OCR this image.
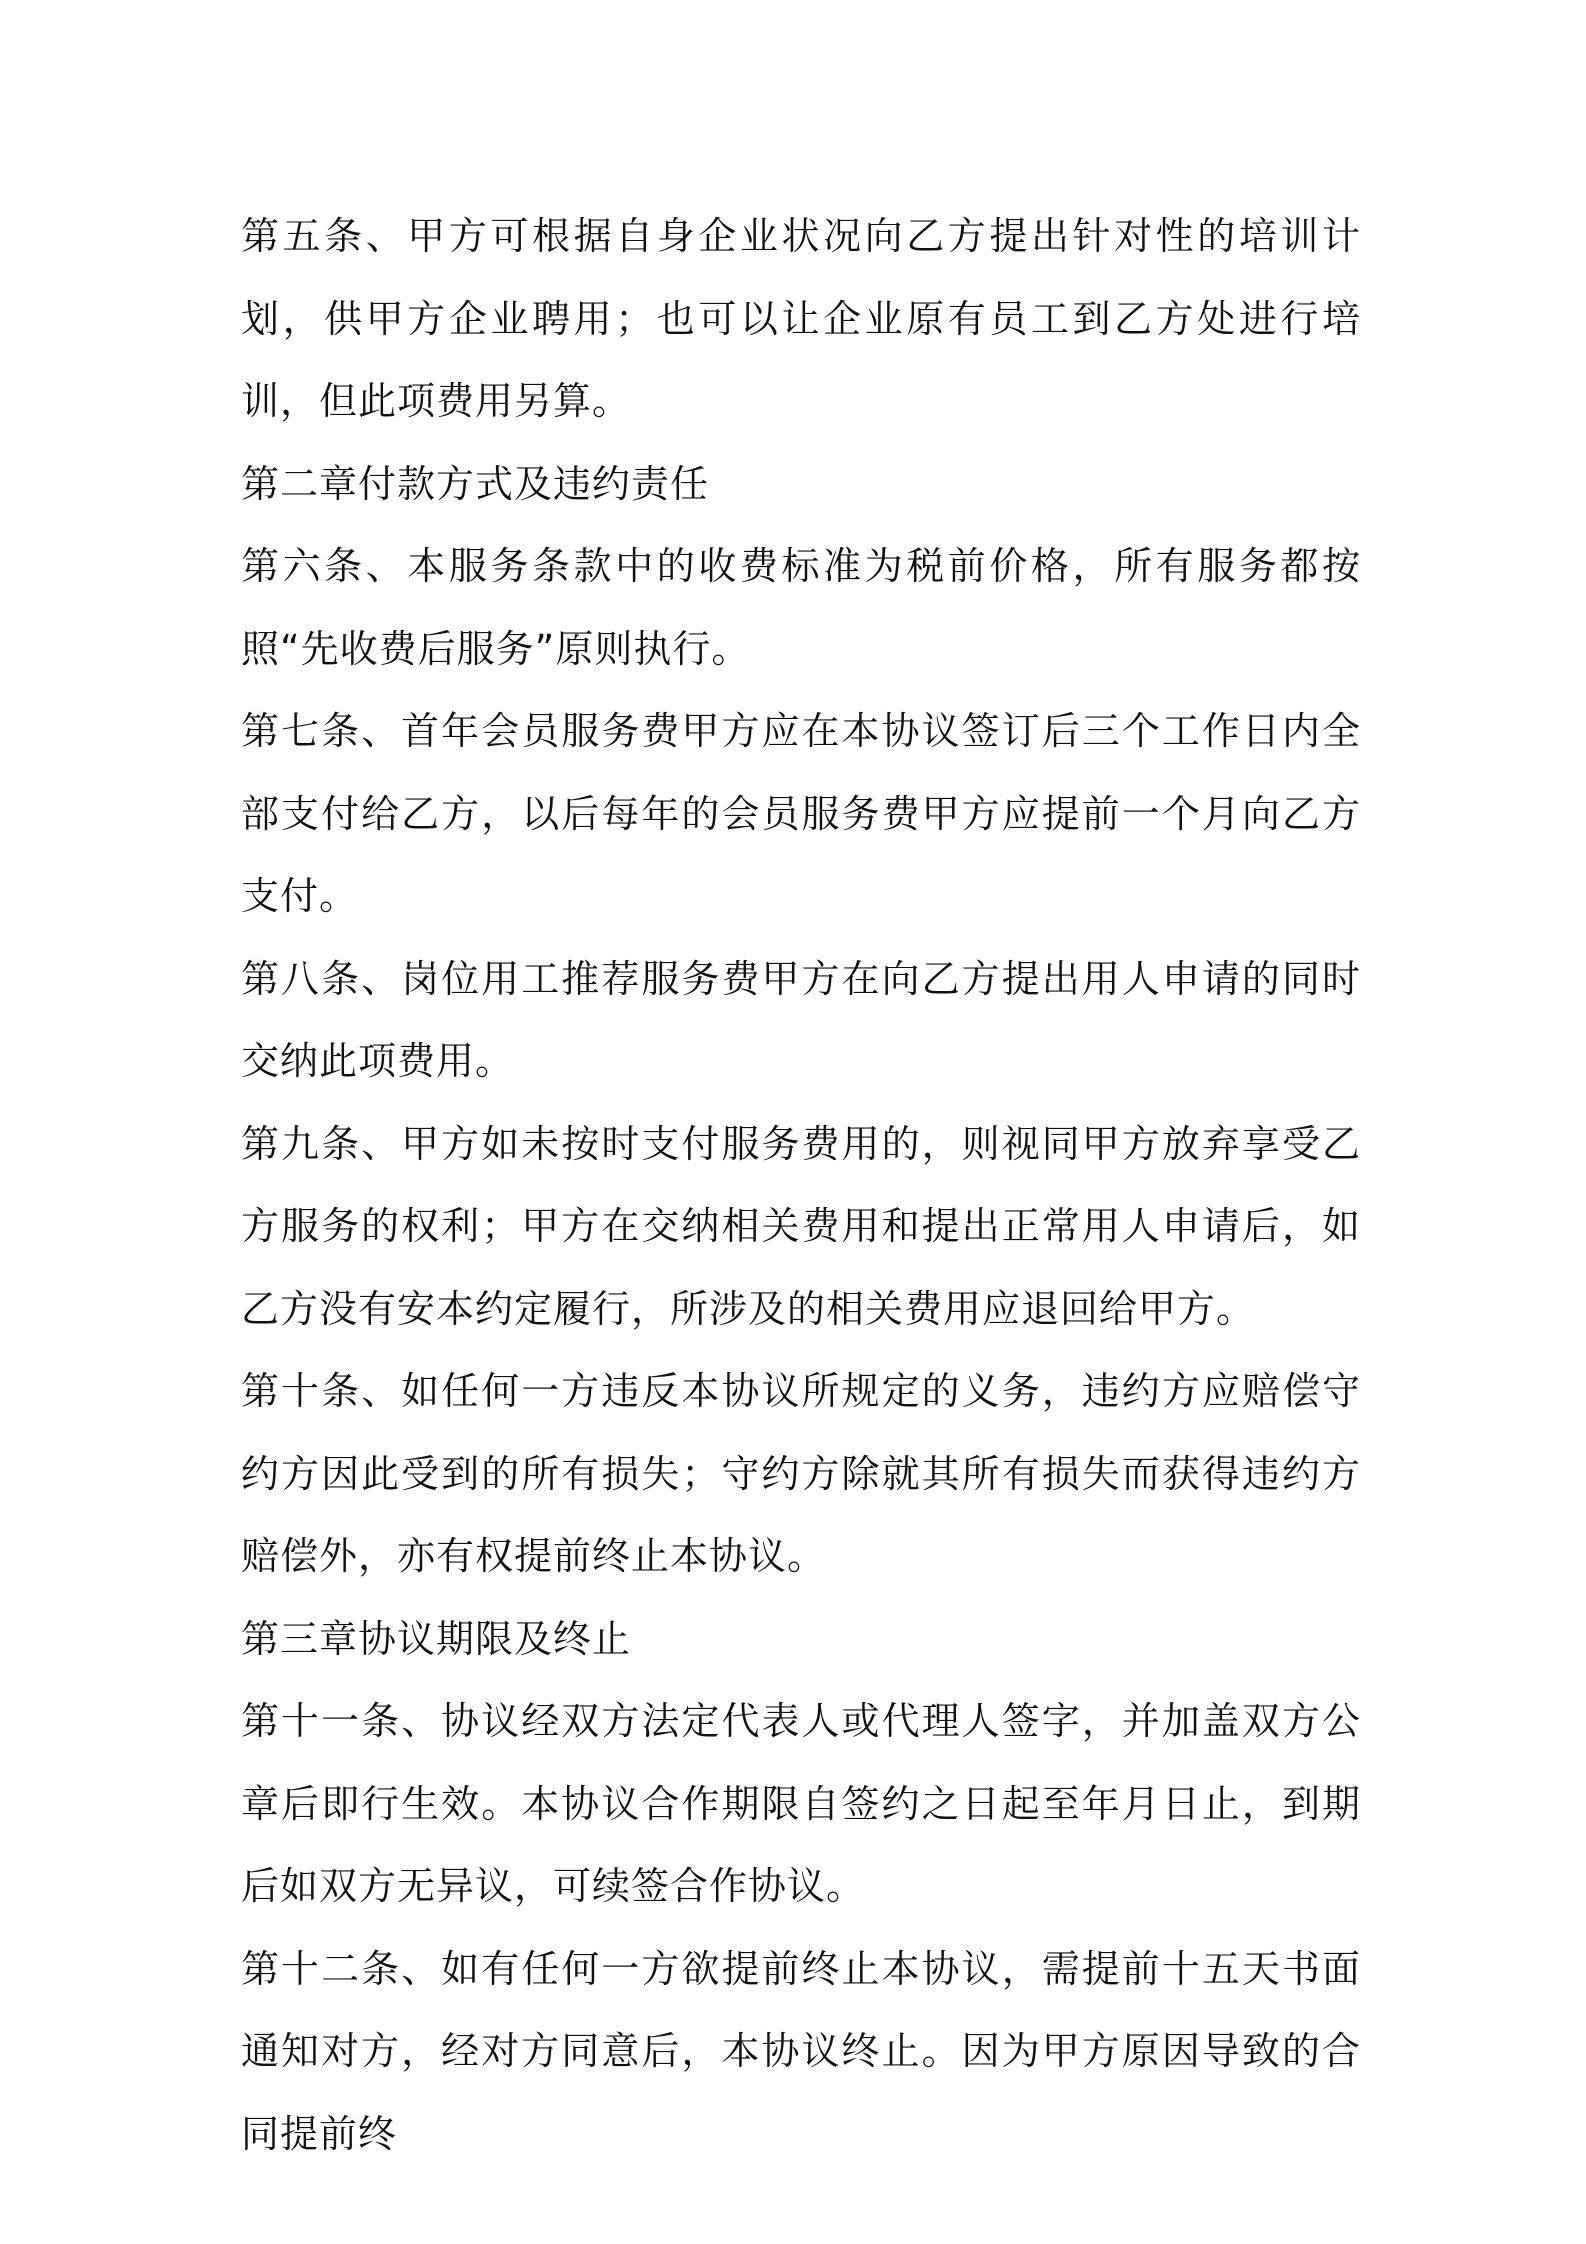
第五条、甲方可根据自身企业状况向乙方提出针对性的培训计划，供甲方企业聘用；也可以让企业原有员工到乙方处进行培训，但此项费用另算。

第二章付款方式及违约责任

第六条、本服务条款中的收费标准为税前价格，所有服务都按照“先收费后服务”原则执行。

第七条、首年会员服务费甲方应在本协议签订后三个工作日内全部支付给乙方，以后每年的会员服务费甲方应提前一个月向乙方支付。

第八条、岗位用工推荐服务费甲方在向乙方提出用人申请的同时交纳此项费用。

第九条、甲方如未按时支付服务费用的，则视同甲方放弃享受乙方服务的权利；甲方在交纳相关费用和提出正常用人申请后，如乙方没有安本约定履行，所涉及的相关费用应退回给甲方。

第十条、如任何一方违反本协议所规定的义务，违约方应赔偿守约方因此受到的所有损失；守约方除就其所有损失而获得违约方赔偿外，亦有权提前终止本协议。

第三章协议期限及终止

第十一条、协议经双方法定代表人或代理人签字，并加盖双方公章后即行生效。本协议合作期限自签约之日起至年月日止，到期后如双方无异议，可续签合作协议。

第十二条、如有任何一方欲提前终止本协议，需提前十五天书面通知对方，经对方同意后，本协议终止。因为甲方原因导致的合同提前终
